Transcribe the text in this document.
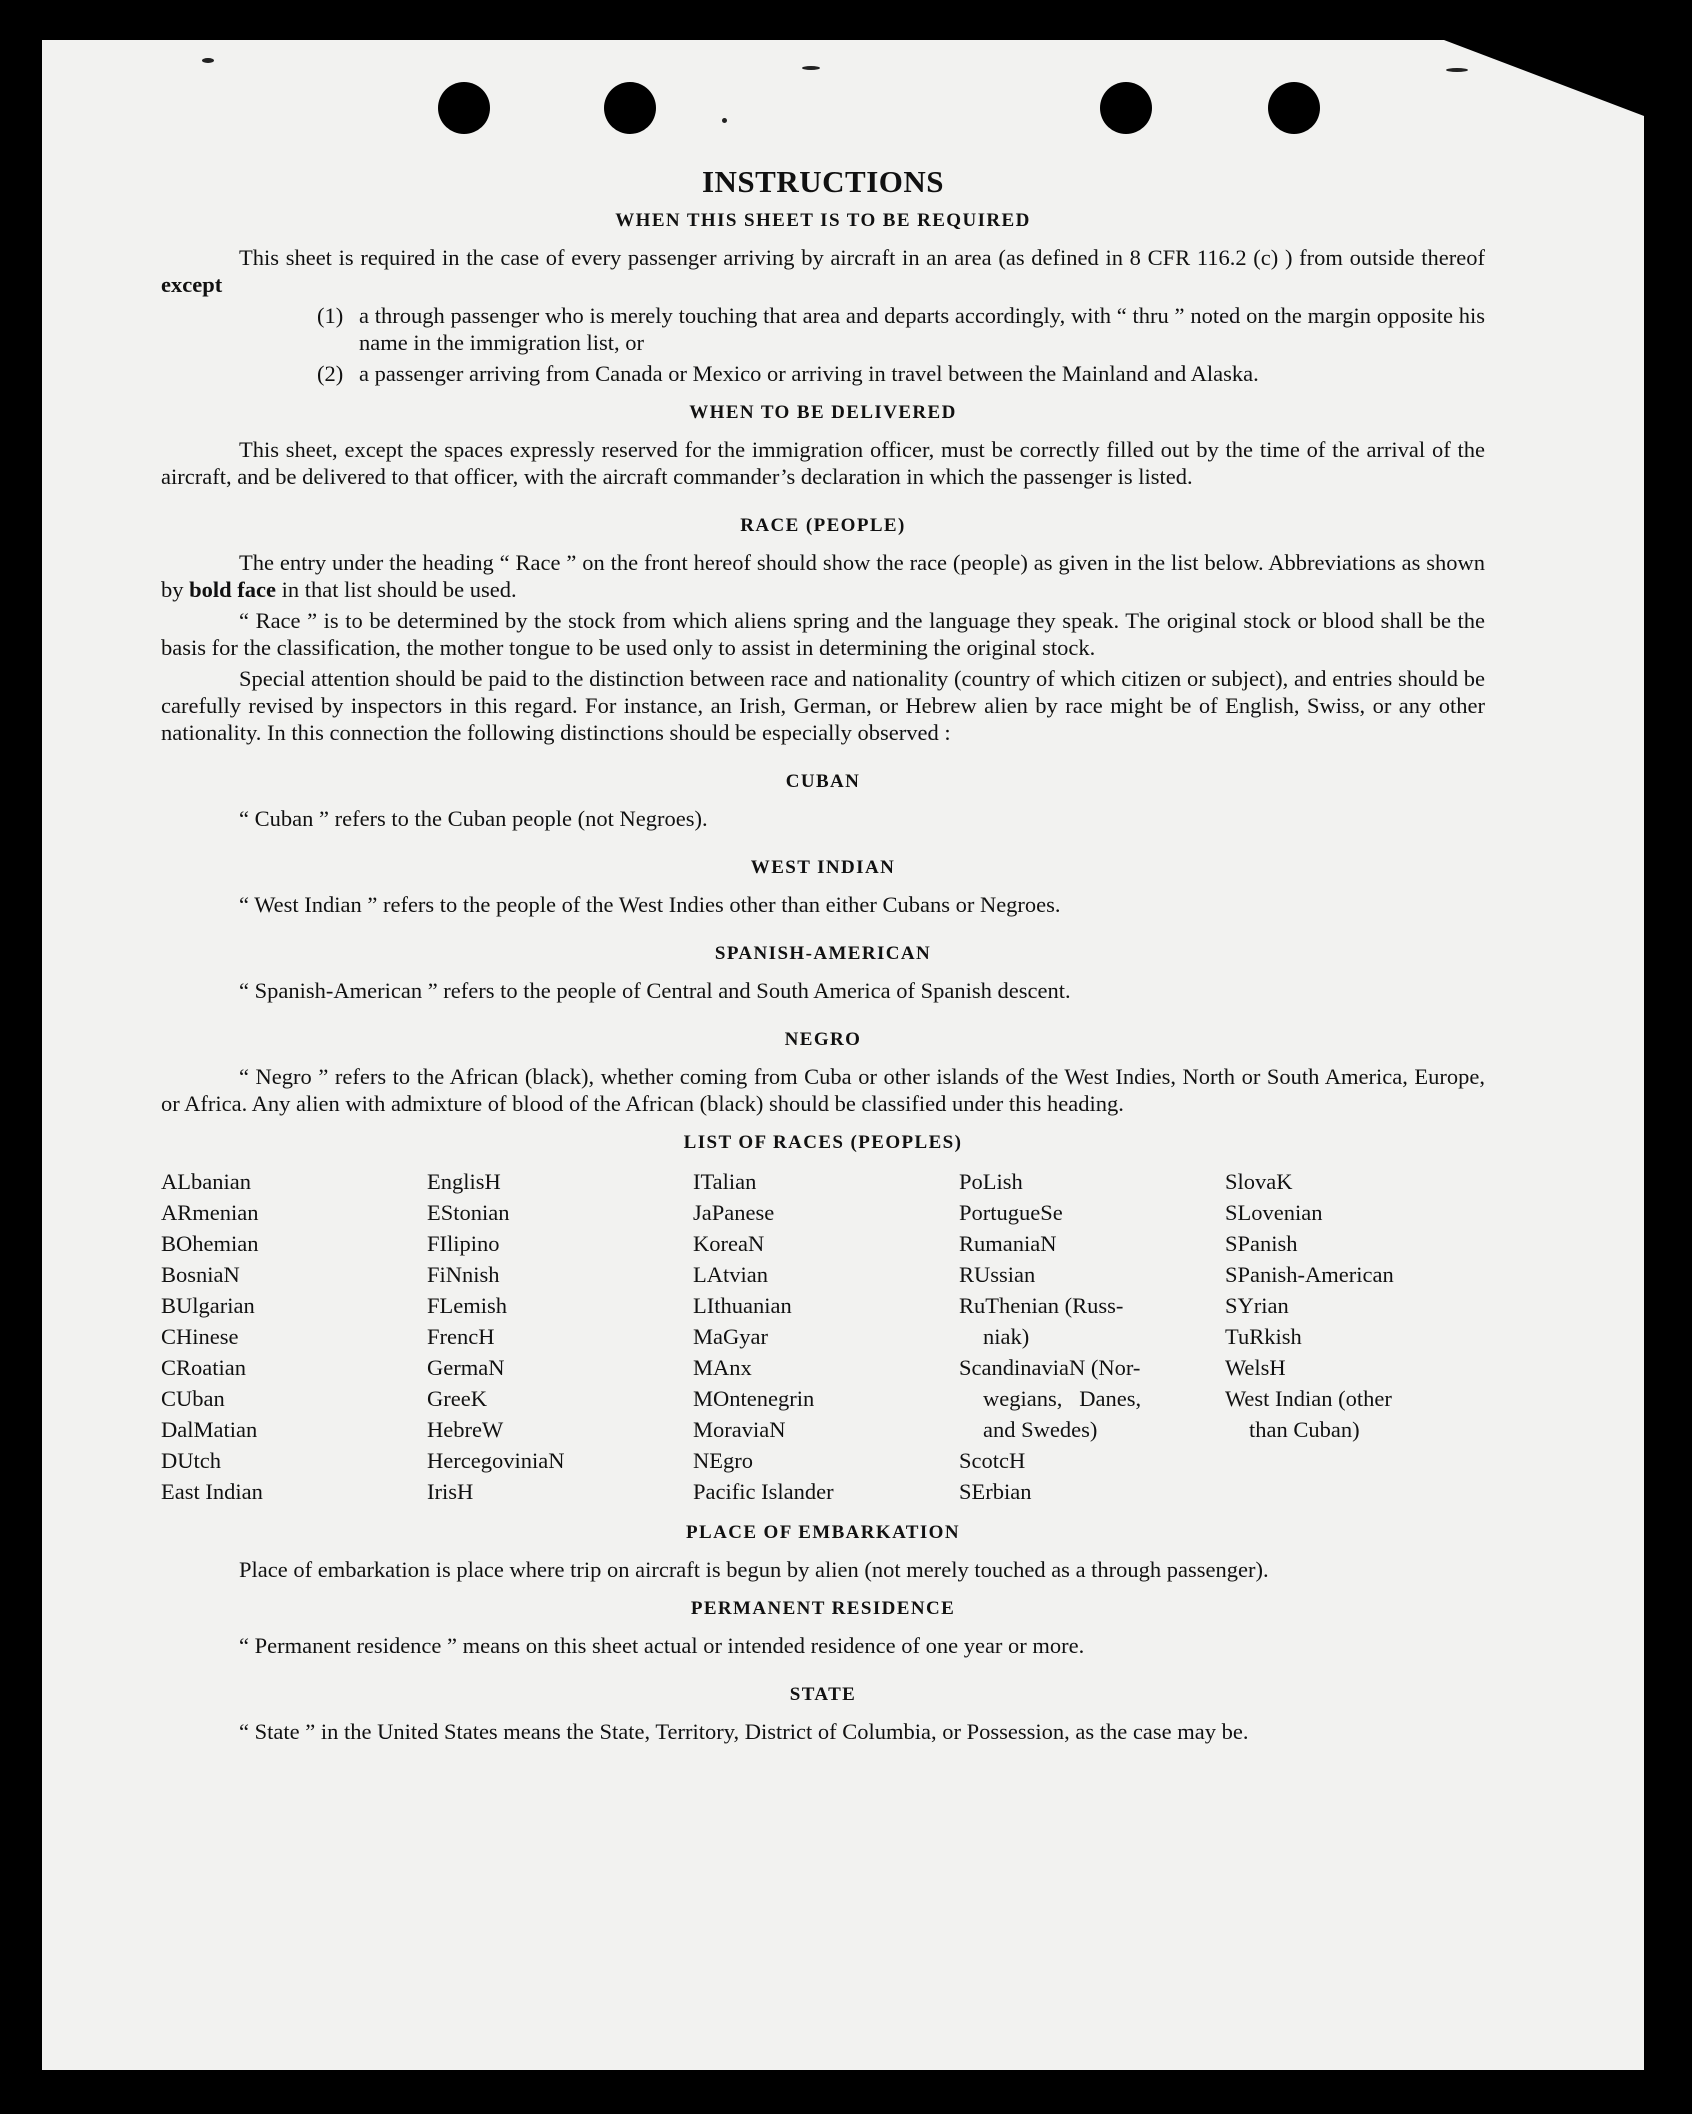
INSTRUCTIONS
WHEN THIS SHEET IS TO BE REQUIRED

This sheet is required in the case of every passenger arriving by aircraft in an area (as defined in 8 CFR 116.2 (c) ) from outside thereof except

(1) a through passenger who is merely touching that area and departs accordingly, with “ thru ” noted on the margin opposite his name in the immigration list, or
(2) a passenger arriving from Canada or Mexico or arriving in travel between the Mainland and Alaska.
WHEN TO BE DELIVERED

This sheet, except the spaces expressly reserved for the immigration officer, must be correctly filled out by the time of the arrival of the aircraft, and be delivered to that officer, with the aircraft commander’s declaration in which the passenger is listed.

RACE (PEOPLE)

The entry under the heading “ Race ” on the front hereof should show the race (people) as given in the list below. Abbreviations as shown by bold face in that list should be used.

“ Race ” is to be determined by the stock from which aliens spring and the language they speak. The original stock or blood shall be the basis for the classification, the mother tongue to be used only to assist in determining the original stock.

Special attention should be paid to the distinction between race and nationality (country of which citizen or subject), and entries should be carefully revised by inspectors in this regard. For instance, an Irish, German, or Hebrew alien by race might be of English, Swiss, or any other nationality. In this connection the following distinctions should be especially observed :

CUBAN

“ Cuban ” refers to the Cuban people (not Negroes).

WEST INDIAN

“ West Indian ” refers to the people of the West Indies other than either Cubans or Negroes.

SPANISH-AMERICAN

“ Spanish-American ” refers to the people of Central and South America of Spanish descent.

NEGRO

“ Negro ” refers to the African (black), whether coming from Cuba or other islands of the West Indies, North or South America, Europe, or Africa. Any alien with admixture of blood of the African (black) should be classified under this heading.

LIST OF RACES (PEOPLES)
ALbanian
ARmenian
BOhemian
BosniaN
BUlgarian
CHinese
CRoatian
CUban
DalMatian
DUtch
East Indian
EnglisH
EStonian
FIlipino
FiNnish
FLemish
FrencH
GermaN
GreeK
HebreW
HercegoviniaN
IrisH
ITalian
JaPanese
KoreaN
LAtvian
LIthuanian
MaGyar
MAnx
MOntenegrin
MoraviaN
NEgro
Pacific Islander
PoLish
PortugueSe
RumaniaN
RUssian
RuThenian (Russ-
niak)
ScandinaviaN (Nor-
wegians,   Danes,
and Swedes)
ScotcH
SErbian
SlovaK
SLovenian
SPanish
SPanish-American
SYrian
TuRkish
WelsH
West Indian (other
than Cuban)
PLACE OF EMBARKATION

Place of embarkation is place where trip on aircraft is begun by alien (not merely touched as a through passenger).

PERMANENT RESIDENCE

“ Permanent residence ” means on this sheet actual or intended residence of one year or more.

STATE

“ State ” in the United States means the State, Territory, District of Columbia, or Possession, as the case may be.
